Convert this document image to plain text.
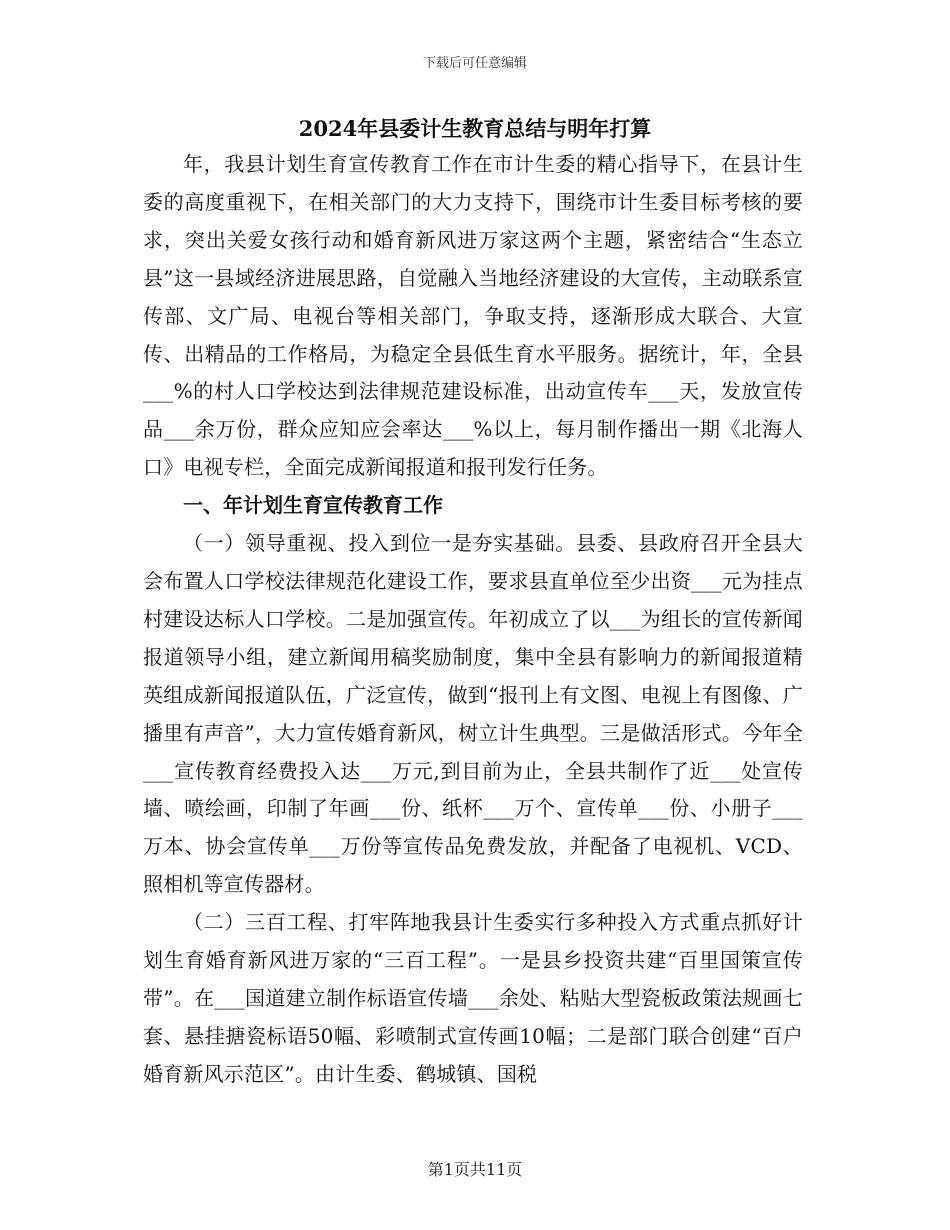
下载后可任意编辑
2024年县委计生教育总结与明年打算

年，我县计划生育宣传教育工作在市计生委的精心指导下，在县计生委的高度重视下，在相关部门的大力支持下，围绕市计生委目标考核的要求，突出关爱女孩行动和婚育新风进万家这两个主题，紧密结合“生态立县”这一县域经济进展思路，自觉融入当地经济建设的大宣传，主动联系宣传部、文广局、电视台等相关部门，争取支持，逐渐形成大联合、大宣传、出精品的工作格局，为稳定全县低生育水平服务。据统计，年，全县___%的村人口学校达到法律规范建设标准，出动宣传车___天，发放宣传品___余万份，群众应知应会率达___%以上，每月制作播出一期《北海人口》电视专栏，全面完成新闻报道和报刊发行任务。

一、年计划生育宣传教育工作

（一）领导重视、投入到位一是夯实基础。县委、县政府召开全县大会布置人口学校法律规范化建设工作，要求县直单位至少出资___元为挂点村建设达标人口学校。二是加强宣传。年初成立了以___为组长的宣传新闻报道领导小组，建立新闻用稿奖励制度，集中全县有影响力的新闻报道精英组成新闻报道队伍，广泛宣传，做到“报刊上有文图、电视上有图像、广播里有声音”，大力宣传婚育新风，树立计生典型。三是做活形式。今年全___宣传教育经费投入达___万元,到目前为止，全县共制作了近___处宣传墙、喷绘画，印制了年画___份、纸杯___万个、宣传单___份、小册子___万本、协会宣传单___万份等宣传品免费发放，并配备了电视机、VCD、照相机等宣传器材。

（二）三百工程、打牢阵地我县计生委实行多种投入方式重点抓好计划生育婚育新风进万家的“三百工程”。一是县乡投资共建“百里国策宣传带”。在___国道建立制作标语宣传墙___余处、粘贴大型瓷板政策法规画七套、悬挂搪瓷标语50幅、彩喷制式宣传画10幅；二是部门联合创建“百户婚育新风示范区”。由计生委、鹤城镇、国税

第1页共11页
